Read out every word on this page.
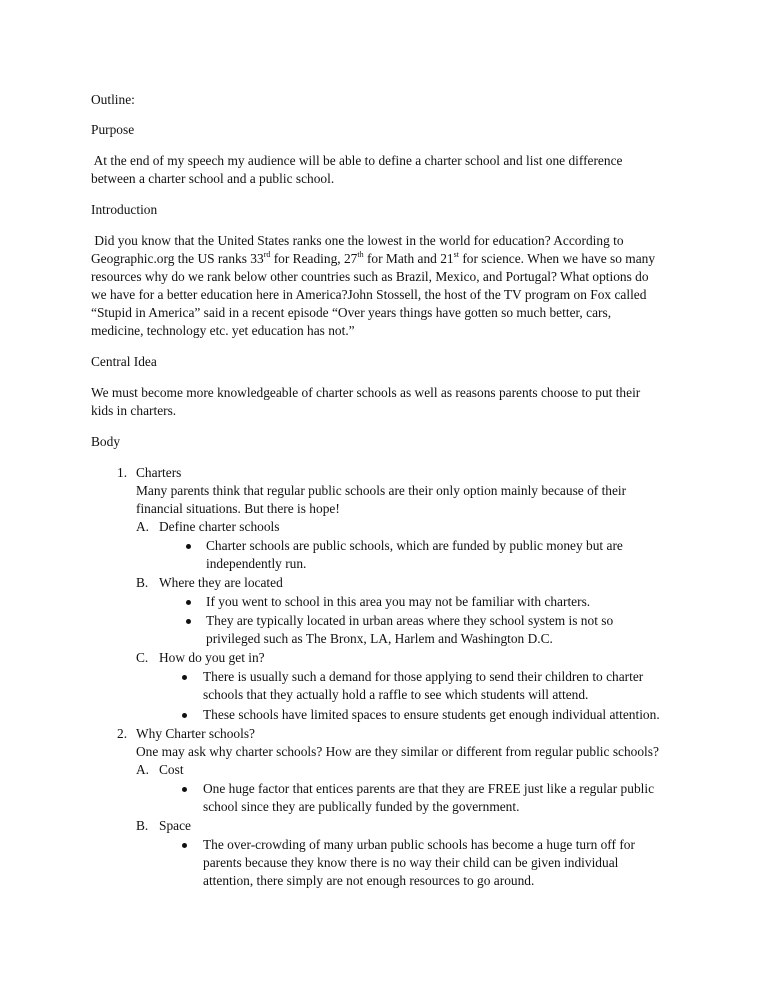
Outline:
Purpose
At the end of my speech my audience will be able to define a charter school and list one difference
between a charter school and a public school.
Introduction
Did you know that the United States ranks one the lowest in the world for education? According to
Geographic.org the US ranks 33rd for Reading, 27th for Math and 21st for science. When we have so many
resources why do we rank below other countries such as Brazil, Mexico, and Portugal? What options do
we have for a better education here in America?John Stossell, the host of the TV program on Fox called
“Stupid in America” said in a recent episode “Over years things have gotten so much better, cars,
medicine, technology etc. yet education has not.”
Central Idea
We must become more knowledgeable of charter schools as well as reasons parents choose to put their
kids in charters.
Body
1. Charters
Many parents think that regular public schools are their only option mainly because of their
financial situations. But there is hope!
A. Define charter schools
Charter schools are public schools, which are funded by public money but are
independently run.
B. Where they are located
If you went to school in this area you may not be familiar with charters.
They are typically located in urban areas where they school system is not so
privileged such as The Bronx, LA, Harlem and Washington D.C.
C. How do you get in?
There is usually such a demand for those applying to send their children to charter
schools that they actually hold a raffle to see which students will attend.
These schools have limited spaces to ensure students get enough individual attention.
2. Why Charter schools?
One may ask why charter schools? How are they similar or different from regular public schools?
A. Cost
One huge factor that entices parents are that they are FREE just like a regular public
school since they are publically funded by the government.
B. Space
The over-crowding of many urban public schools has become a huge turn off for
parents because they know there is no way their child can be given individual
attention, there simply are not enough resources to go around.
